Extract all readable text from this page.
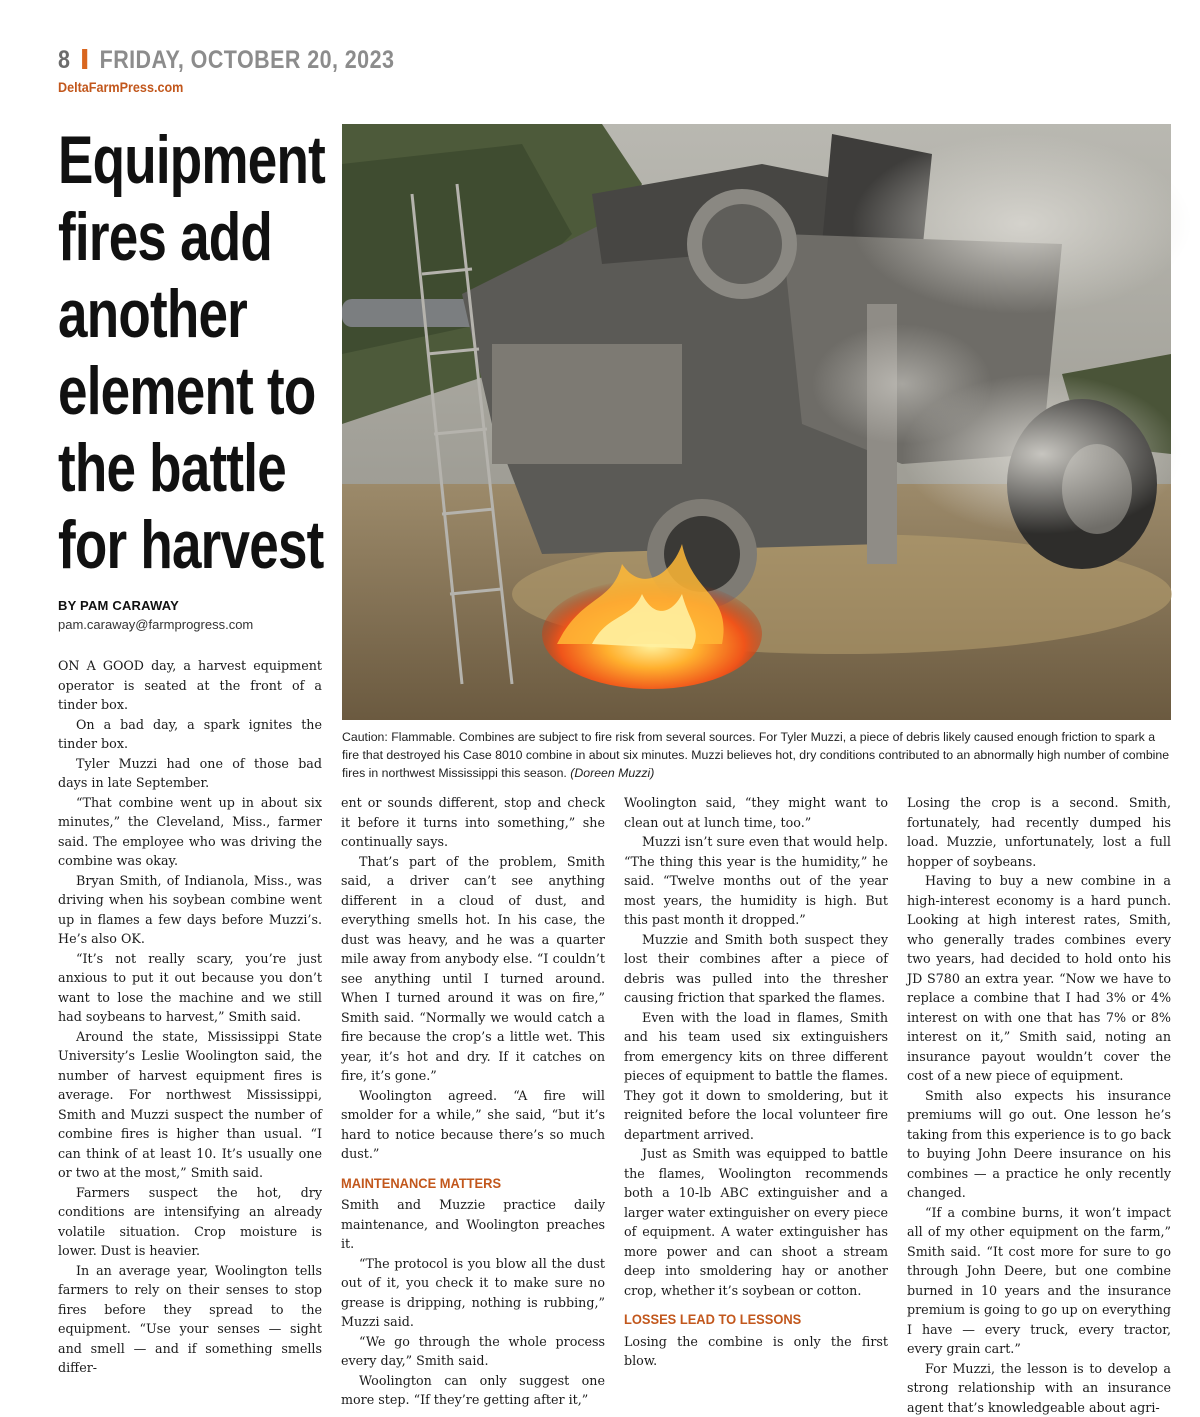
8 FRIDAY, OCTOBER 20, 2023
DeltaFarmPress.com
Equipment
fires add
another
element to
the battle
for harvest
BY PAM CARAWAY
pam.caraway@farmprogress.com
Caution: Flammable. Combines are subject to fire risk from several sources. For Tyler Muzzi, a piece of debris likely caused enough friction to spark a fire that destroyed his Case 8010 combine in about six minutes. Muzzi believes hot, dry conditions contributed to an abnormally high number of combine fires in northwest Mississippi this season. (Doreen Muzzi)

ON A GOOD day, a harvest equipment operator is seated at the front of a tinder box.

On a bad day, a spark ignites the tinder box.

Tyler Muzzi had one of those bad days in late September.

“That combine went up in about six minutes,” the Cleveland, Miss., farmer said. The employee who was driving the combine was okay.

Bryan Smith, of Indianola, Miss., was driving when his soybean combine went up in flames a few days before Muzzi’s. He’s also OK.

“It’s not really scary, you’re just anxious to put it out because you don’t want to lose the machine and we still had soybeans to harvest,” Smith said.

Around the state, Mississippi State University’s Leslie Woolington said, the number of harvest equipment fires is average. For northwest Mississippi, Smith and Muzzi suspect the number of combine fires is higher than usual. “I can think of at least 10. It’s usually one or two at the most,” Smith said.

Farmers suspect the hot, dry conditions are intensifying an already volatile situation. Crop moisture is lower. Dust is heavier.

In an average year, Woolington tells farmers to rely on their senses to stop fires before they spread to the equipment. “Use your senses — sight and smell — and if something smells differ-

ent or sounds different, stop and check it before it turns into something,” she continually says.

That’s part of the problem, Smith said, a driver can’t see anything different in a cloud of dust, and everything smells hot. In his case, the dust was heavy, and he was a quarter mile away from anybody else. “I couldn’t see anything until I turned around. When I turned around it was on fire,” Smith said. “Normally we would catch a fire because the crop’s a little wet. This year, it’s hot and dry. If it catches on fire, it’s gone.”

Woolington agreed. “A fire will smolder for a while,” she said, “but it’s hard to notice because there’s so much dust.”

MAINTENANCE MATTERS

Smith and Muzzie practice daily maintenance, and Woolington preaches it.

“The protocol is you blow all the dust out of it, you check it to make sure no grease is dripping, nothing is rubbing,” Muzzi said.

“We go through the whole process every day,” Smith said.

Woolington can only suggest one more step. “If they’re getting after it,”

Woolington said, “they might want to clean out at lunch time, too.”

Muzzi isn’t sure even that would help. “The thing this year is the humidity,” he said. “Twelve months out of the year most years, the humidity is high. But this past month it dropped.”

Muzzie and Smith both suspect they lost their combines after a piece of debris was pulled into the thresher causing friction that sparked the flames.

Even with the load in flames, Smith and his team used six extinguishers from emergency kits on three different pieces of equipment to battle the flames. They got it down to smoldering, but it reignited before the local volunteer fire department arrived.

Just as Smith was equipped to battle the flames, Woolington recommends both a 10-lb ABC extinguisher and a larger water extinguisher on every piece of equipment. A water extinguisher has more power and can shoot a stream deep into smoldering hay or another crop, whether it’s soybean or cotton.

LOSSES LEAD TO LESSONS

Losing the combine is only the first blow.

Losing the crop is a second. Smith, fortunately, had recently dumped his load. Muzzie, unfortunately, lost a full hopper of soybeans.

Having to buy a new combine in a high-interest economy is a hard punch. Looking at high interest rates, Smith, who generally trades combines every two years, had decided to hold onto his JD S780 an extra year. “Now we have to replace a combine that I had 3% or 4% interest on with one that has 7% or 8% interest on it,” Smith said, noting an insurance payout wouldn’t cover the cost of a new piece of equipment.

Smith also expects his insurance premiums will go out. One lesson he’s taking from this experience is to go back to buying John Deere insurance on his combines — a practice he only recently changed.

“If a combine burns, it won’t impact all of my other equipment on the farm,” Smith said. “It cost more for sure to go through John Deere, but one combine burned in 10 years and the insurance premium is going to go up on everything I have — every truck, every tractor, every grain cart.”

For Muzzi, the lesson is to develop a strong relationship with an insurance agent that’s knowledgeable about agri-
